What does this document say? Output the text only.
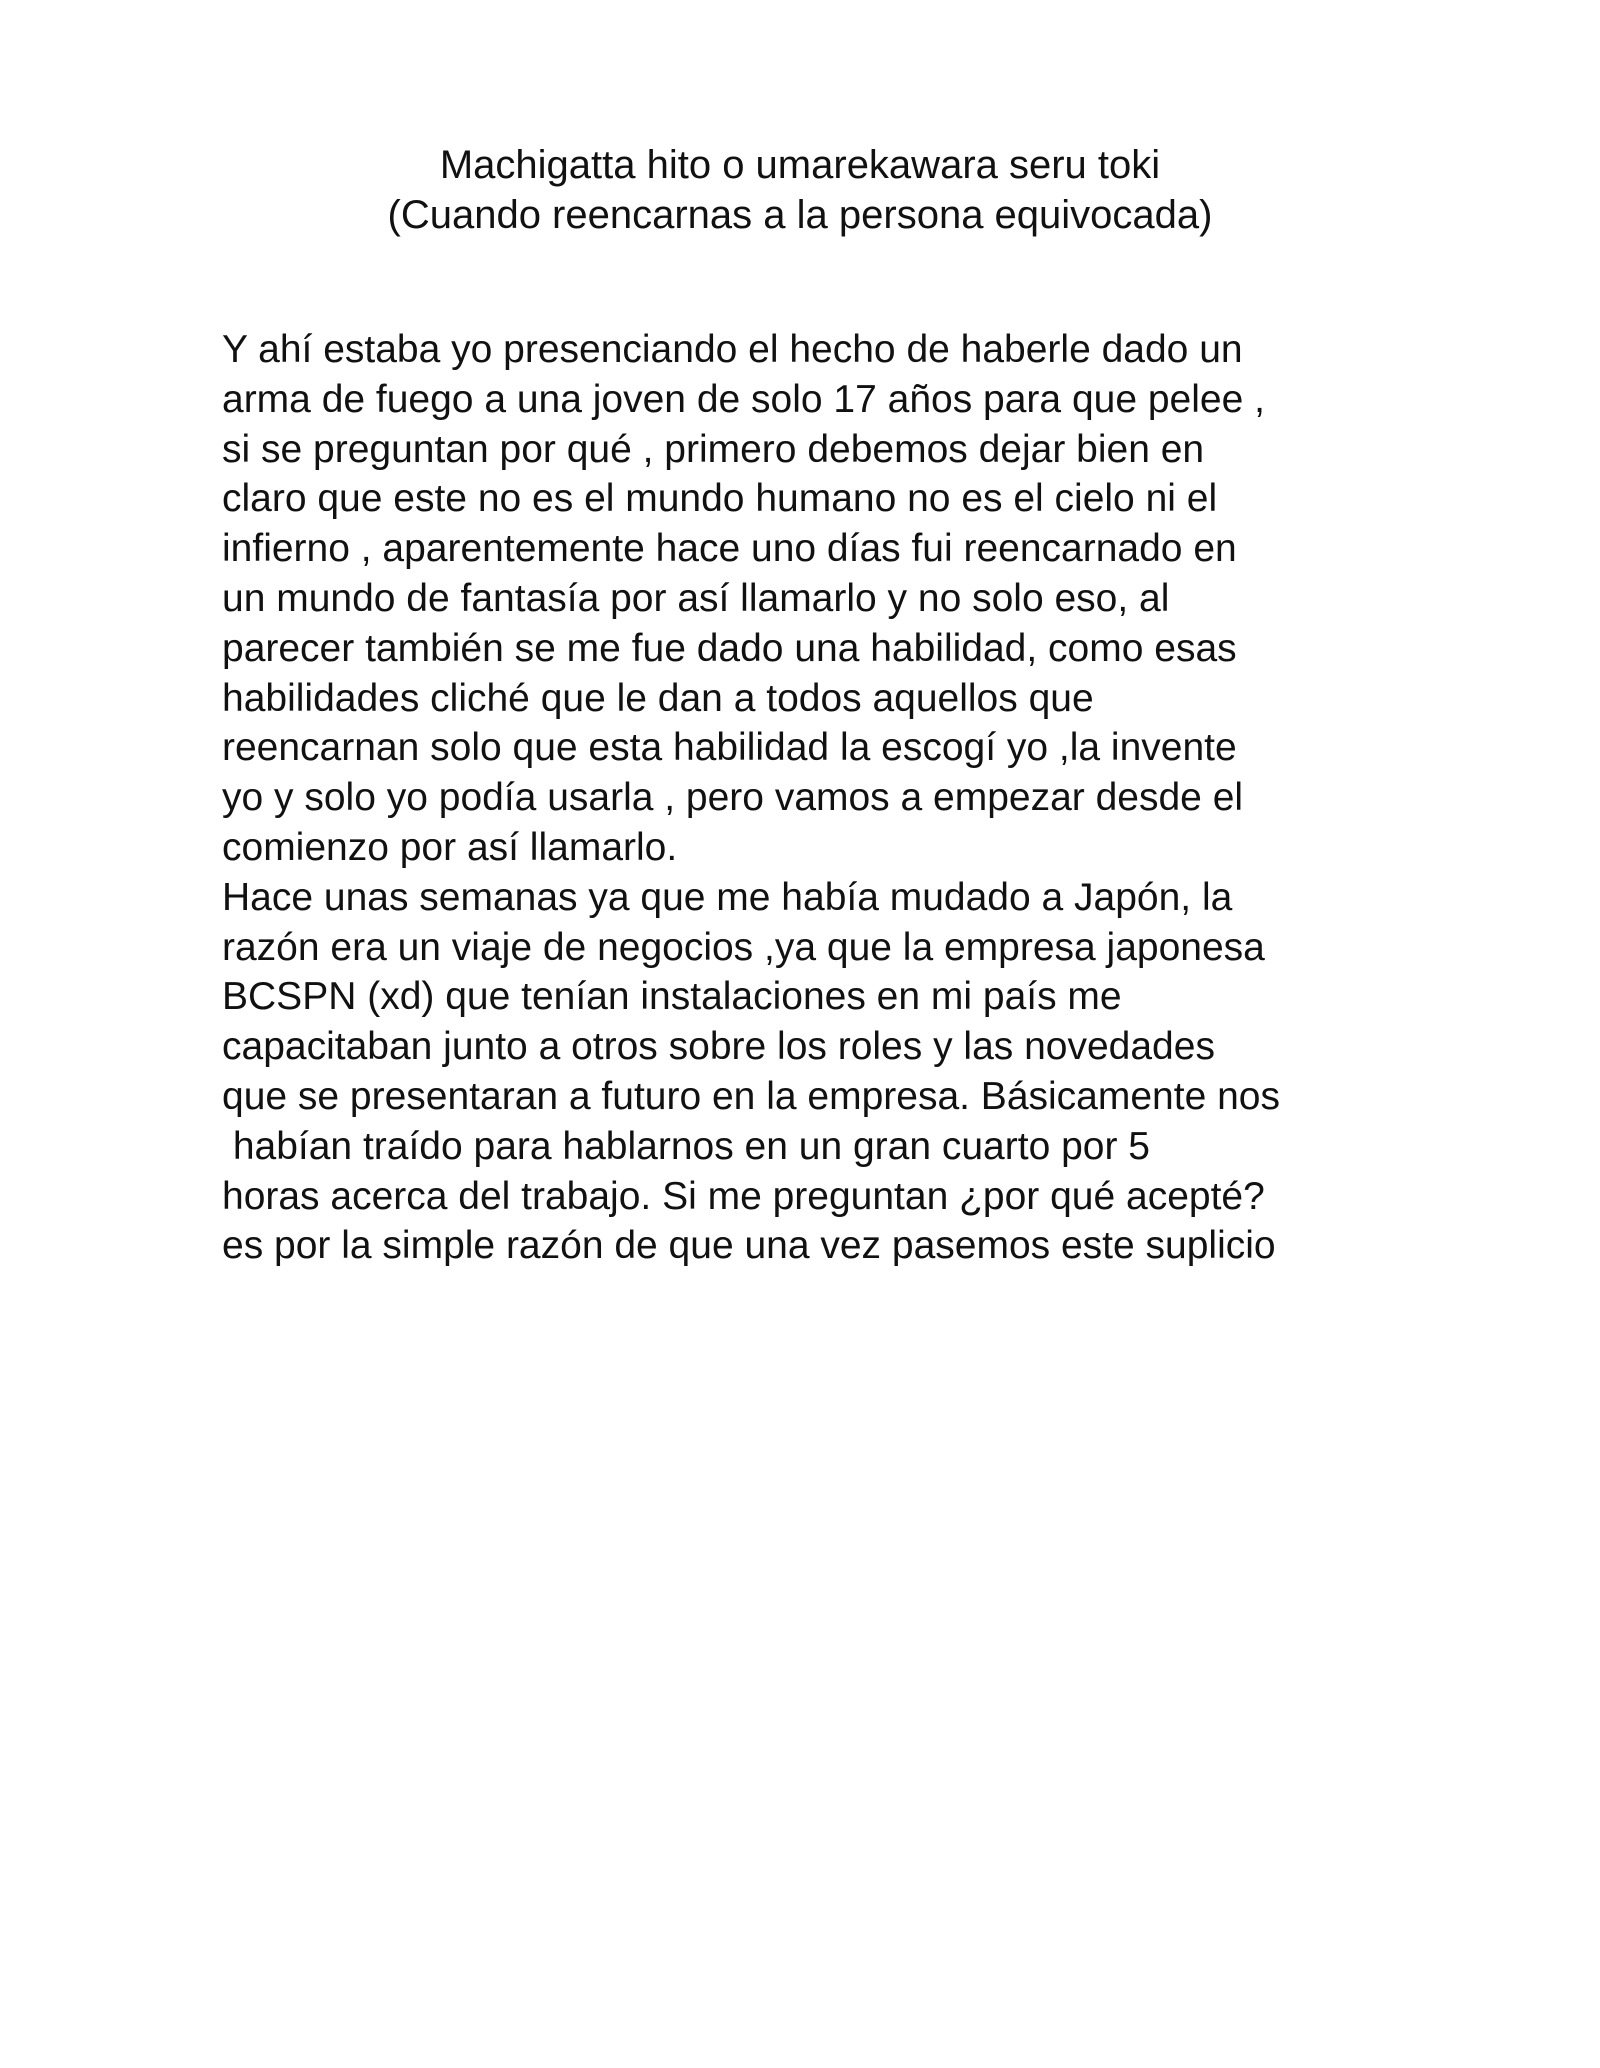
Machigatta hito o umarekawara seru toki
(Cuando reencarnas a la persona equivocada)
Y ahí estaba yo presenciando el hecho de haberle dado un
arma de fuego a una joven de solo 17 años para que pelee ,
si se preguntan por qué , primero debemos dejar bien en
claro que este no es el mundo humano no es el cielo ni el
infierno , aparentemente hace uno días fui reencarnado en
un mundo de fantasía por así llamarlo y no solo eso, al
parecer también se me fue dado una habilidad, como esas
habilidades cliché que le dan a todos aquellos que
reencarnan solo que esta habilidad la escogí yo ,la invente
yo y solo yo podía usarla , pero vamos a empezar desde el
comienzo por así llamarlo.
Hace unas semanas ya que me había mudado a Japón, la
razón era un viaje de negocios ,ya que la empresa japonesa
BCSPN (xd) que tenían instalaciones en mi país me
capacitaban junto a otros sobre los roles y las novedades
que se presentaran a futuro en la empresa. Básicamente nos
habían traído para hablarnos en un gran cuarto por 5
horas acerca del trabajo. Si me preguntan ¿por qué acepté?
es por la simple razón de que una vez pasemos este suplicio
